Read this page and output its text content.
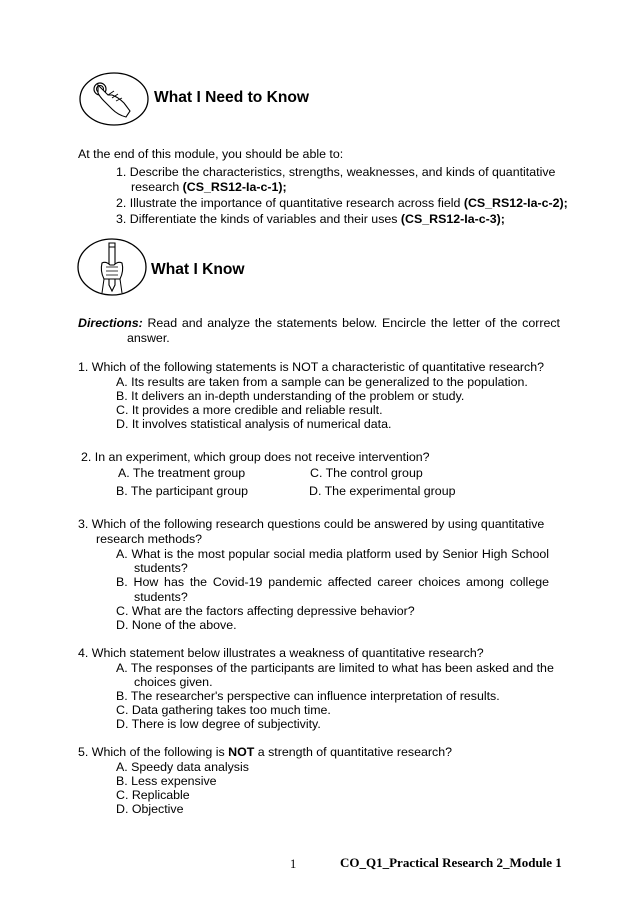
What I Need to Know
At the end of this module, you should be able to:
1. Describe the characteristics, strengths, weaknesses, and kinds of quantitative
research (CS_RS12-Ia-c-1);
2. Illustrate the importance of quantitative research across field (CS_RS12-Ia-c-2);
3. Differentiate the kinds of variables and their uses (CS_RS12-Ia-c-3);
What I Know
Directions: Read and analyze the statements below. Encircle the letter of the correct
answer.
1. Which of the following statements is NOT a characteristic of quantitative research?
A. Its results are taken from a sample can be generalized to the population.
B. It delivers an in-depth understanding of the problem or study.
C. It provides a more credible and reliable result.
D. It involves statistical analysis of numerical data.
2. In an experiment, which group does not receive intervention?
A. The treatment group	C. The control group
B. The participant group	D. The experimental group
3. Which of the following research questions could be answered by using quantitative
research methods?
A. What is the most popular social media platform used by Senior High School
students?
B. How has the Covid-19 pandemic affected career choices among college
students?
C. What are the factors affecting depressive behavior?
D. None of the above.
4. Which statement below illustrates a weakness of quantitative research?
A. The responses of the participants are limited to what has been asked and the
choices given.
B. The researcher's perspective can influence interpretation of results.
C. Data gathering takes too much time.
D. There is low degree of subjectivity.
5. Which of the following is NOT a strength of quantitative research?
A. Speedy data analysis
B. Less expensive
C. Replicable
D. Objective
1	CO_Q1_Practical Research 2_Module 1
